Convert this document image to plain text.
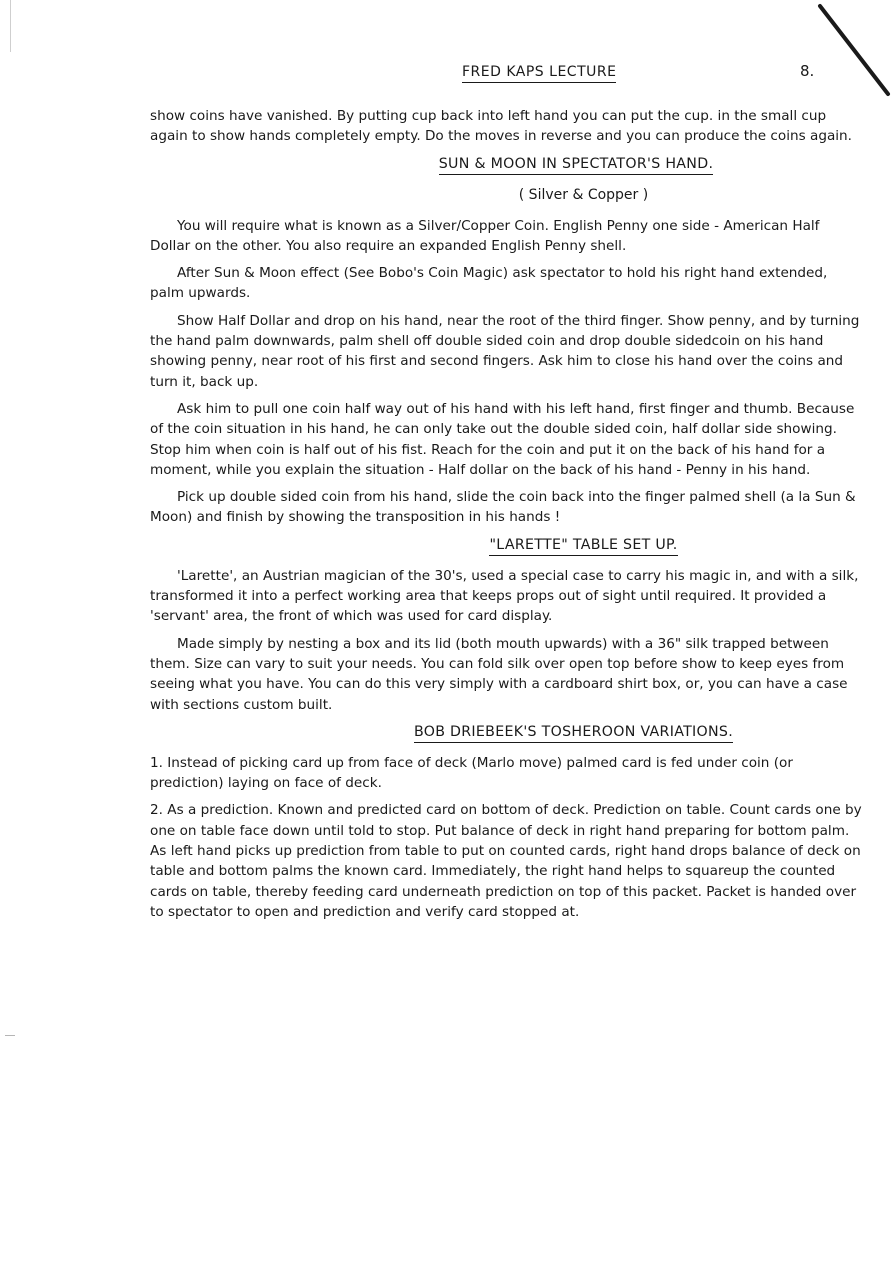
FRED KAPS LECTURE	8.

show coins have vanished. By putting cup back into left hand you can put the cup. in the small cup again to show hands completely empty. Do the moves in reverse and you can produce the coins again.

SUN & MOON IN SPECTATOR'S HAND.
( Silver & Copper )

You will require what is known as a Silver/Copper Coin. English Penny one side - American Half Dollar on the other. You also require an expanded English Penny shell.

After Sun & Moon effect (See Bobo's Coin Magic) ask spectator to hold his right hand extended, palm upwards.

Show Half Dollar and drop on his hand, near the root of the third finger. Show penny, and by turning the hand palm downwards, palm shell off double sided coin and drop double sidedcoin on his hand showing penny, near root of his first and second fingers. Ask him to close his hand over the coins and turn it, back up.

Ask him to pull one coin half way out of his hand with his left hand, first finger and thumb. Because of the coin situation in his hand, he can only take out the double sided coin, half dollar side showing. Stop him when coin is half out of his fist. Reach for the coin and put it on the back of his hand for a moment, while you explain the situation - Half dollar on the back of his hand - Penny in his hand.

Pick up double sided coin from his hand, slide the coin back into the finger palmed shell (a la Sun & Moon) and finish by showing the transposition in his hands !

"LARETTE" TABLE SET UP.

'Larette', an Austrian magician of the 30's, used a special case to carry his magic in, and with a silk, transformed it into a perfect working area that keeps props out of sight until required. It provided a 'servant' area, the front of which was used for card display.

Made simply by nesting a box and its lid (both mouth upwards) with a 36" silk trapped between them. Size can vary to suit your needs. You can fold silk over open top before show to keep eyes from seeing what you have. You can do this very simply with a cardboard shirt box, or, you can have a case with sections custom built.

BOB DRIEBEEK'S TOSHEROON VARIATIONS.

1. Instead of picking card up from face of deck (Marlo move) palmed card is fed under coin (or prediction) laying on face of deck.

2. As a prediction. Known and predicted card on bottom of deck. Prediction on table. Count cards one by one on table face down until told to stop. Put balance of deck in right hand preparing for bottom palm. As left hand picks up prediction from table to put on counted cards, right hand drops balance of deck on table and bottom palms the known card. Immediately, the right hand helps to squareup the counted cards on table, thereby feeding card underneath prediction on top of this packet. Packet is handed over to spectator to open and prediction and verify card stopped at.
